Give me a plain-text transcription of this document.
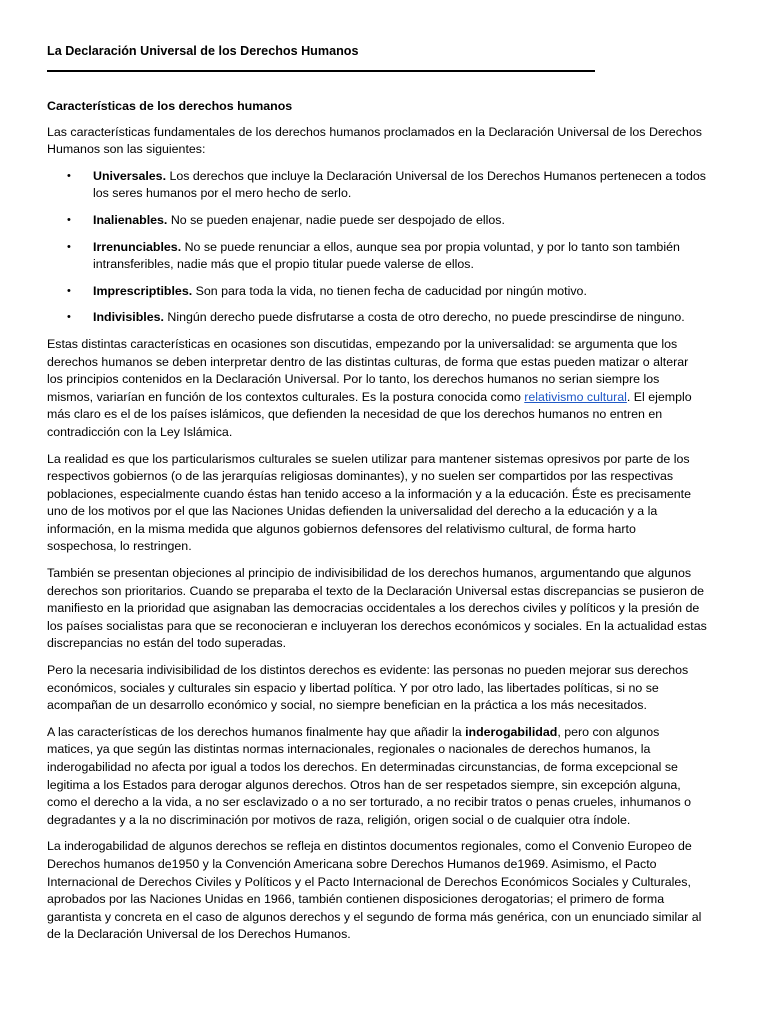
La Declaración Universal de los Derechos Humanos
Características de los derechos humanos

Las características fundamentales de los derechos humanos proclamados en la Declaración Universal de los Derechos Humanos son las siguientes:

• Universales. Los derechos que incluye la Declaración Universal de los Derechos Humanos pertenecen a todos los seres humanos por el mero hecho de serlo.
• Inalienables. No se pueden enajenar, nadie puede ser despojado de ellos.
• Irrenunciables. No se puede renunciar a ellos, aunque sea por propia voluntad, y por lo tanto son también intransferibles, nadie más que el propio titular puede valerse de ellos.
• Imprescriptibles. Son para toda la vida, no tienen fecha de caducidad por ningún motivo.
• Indivisibles. Ningún derecho puede disfrutarse a costa de otro derecho, no puede prescindirse de ninguno.

Estas distintas características en ocasiones son discutidas, empezando por la universalidad: se argumenta que los derechos humanos se deben interpretar dentro de las distintas culturas, de forma que estas pueden matizar o alterar los principios contenidos en la Declaración Universal. Por lo tanto, los derechos humanos no serian siempre los mismos, variarían en función de los contextos culturales. Es la postura conocida como relativismo cultural. El ejemplo más claro es el de los países islámicos, que defienden la necesidad de que los derechos humanos no entren en contradicción con la Ley Islámica.

La realidad es que los particularismos culturales se suelen utilizar para mantener sistemas opresivos por parte de los respectivos gobiernos (o de las jerarquías religiosas dominantes), y no suelen ser compartidos por las respectivas poblaciones, especialmente cuando éstas han tenido acceso a la información y a la educación. Éste es precisamente uno de los motivos por el que las Naciones Unidas defienden la universalidad del derecho a la educación y a la información, en la misma medida que algunos gobiernos defensores del relativismo cultural, de forma harto sospechosa, lo restringen.

También se presentan objeciones al principio de indivisibilidad de los derechos humanos, argumentando que algunos derechos son prioritarios. Cuando se preparaba el texto de la Declaración Universal estas discrepancias se pusieron de manifiesto en la prioridad que asignaban las democracias occidentales a los derechos civiles y políticos y la presión de los países socialistas para que se reconocieran e incluyeran los derechos económicos y sociales. En la actualidad estas discrepancias no están del todo superadas.

Pero la necesaria indivisibilidad de los distintos derechos es evidente: las personas no pueden mejorar sus derechos económicos, sociales y culturales sin espacio y libertad política. Y por otro lado, las libertades políticas, si no se acompañan de un desarrollo económico y social, no siempre benefician en la práctica a los más necesitados.

A las características de los derechos humanos finalmente hay que añadir la inderogabilidad, pero con algunos matices, ya que según las distintas normas internacionales, regionales o nacionales de derechos humanos, la inderogabilidad no afecta por igual a todos los derechos. En determinadas circunstancias, de forma excepcional se legitima a los Estados para derogar algunos derechos. Otros han de ser respetados siempre, sin excepción alguna, como el derecho a la vida, a no ser esclavizado o a no ser torturado, a no recibir tratos o penas crueles, inhumanos o degradantes y a la no discriminación por motivos de raza, religión, origen social o de cualquier otra índole.

La inderogabilidad de algunos derechos se refleja en distintos documentos regionales, como el Convenio Europeo de Derechos humanos de1950 y la Convención Americana sobre Derechos Humanos de1969. Asimismo, el Pacto Internacional de Derechos Civiles y Políticos y el Pacto Internacional de Derechos Económicos Sociales y Culturales, aprobados por las Naciones Unidas en 1966, también contienen disposiciones derogatorias; el primero de forma garantista y concreta en el caso de algunos derechos y el segundo de forma más genérica, con un enunciado similar al de la Declaración Universal de los Derechos Humanos.
